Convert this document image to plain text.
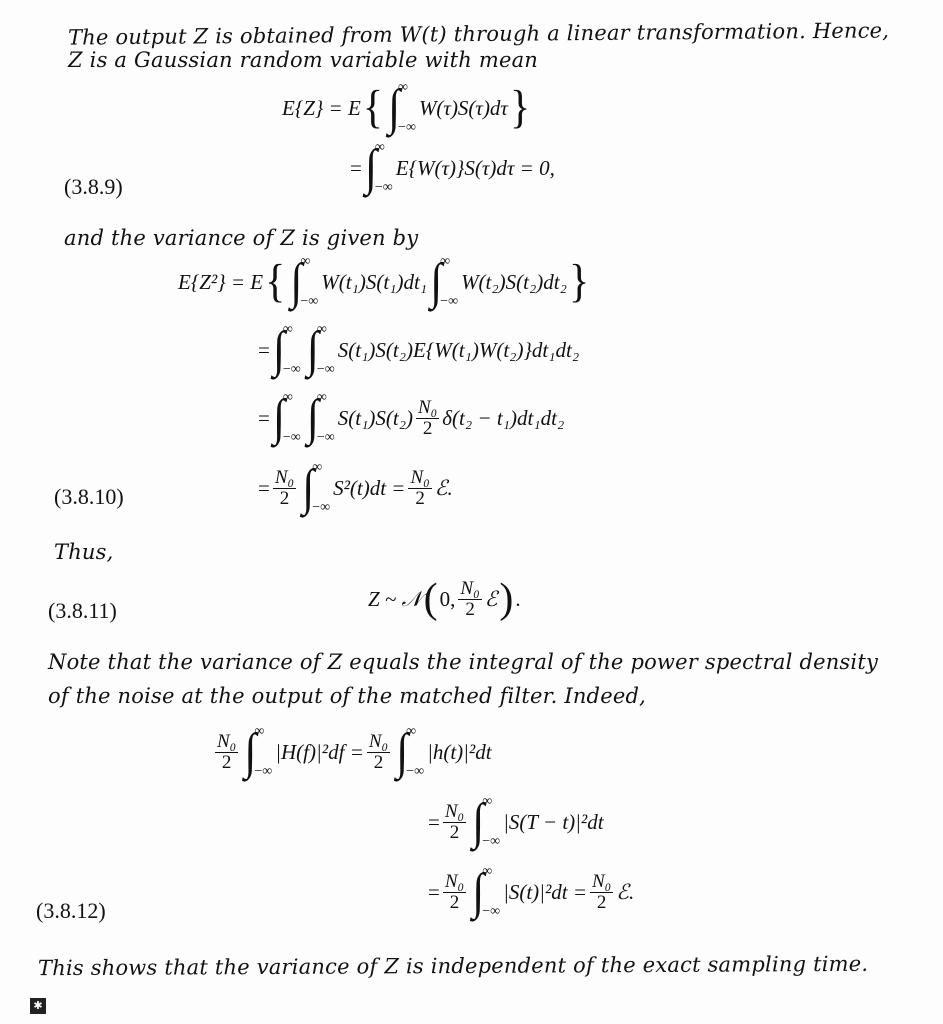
The output Z is obtained from W(t) through a linear transformation. Hence,
Z is a Gaussian random variable with mean
E{Z} = E { ∫
∞
−∞
W(τ)S(τ)dτ }
(3.8.9)
= ∫
∞
−∞
E{W(τ)}S(τ)dτ = 0,
and the variance of Z is given by
E{Z²} = E { ∫
∞
−∞
W(t₁)S(t₁)dt₁ ∫
∞
−∞
W(t₂)S(t₂)dt₂ }
= ∫
∞
−∞ ∫
∞
−∞
S(t₁)S(t₂)E{W(t₁)W(t₂)}dt₁dt₂
= ∫
∞
−∞ ∫
∞
−∞
$S(t_1)S(t_2) \frac{\text{N₀}}{2} \delta(t_2 - t_1)dt_1dt_2$
(3.8.10)	= $\frac{\text{N₀}}{2}$ ∫
∞
−∞
$S^2(t)dt = \frac{\text{N₀}}{2}$ ℰ.
Thus,
(3.8.11)	Z ~ 𝒩 ( 0, $\frac{\text{N₀}}{2}$ ℰ ) .
Note that the variance of Z equals the integral of the power spectral density
of the noise at the output of the matched filter. Indeed,
$\frac{\text{N₀}}{2}$ ∫
∞
−∞
$|H(f)|^2df = \frac{\text{N₀}}{2}$ ∫
∞
−∞
|h(t)|²dt
= $\frac{\text{N₀}}{2}$ ∫
∞
−∞
|S(T − t)|²dt
(3.8.12)
= $\frac{\text{N₀}}{2}$ ∫
∞
−∞
$|S(t)|^2dt = \frac{\text{N₀}}{2}$ ℰ.
This shows that the variance of Z is independent of the exact sampling time.
✱
